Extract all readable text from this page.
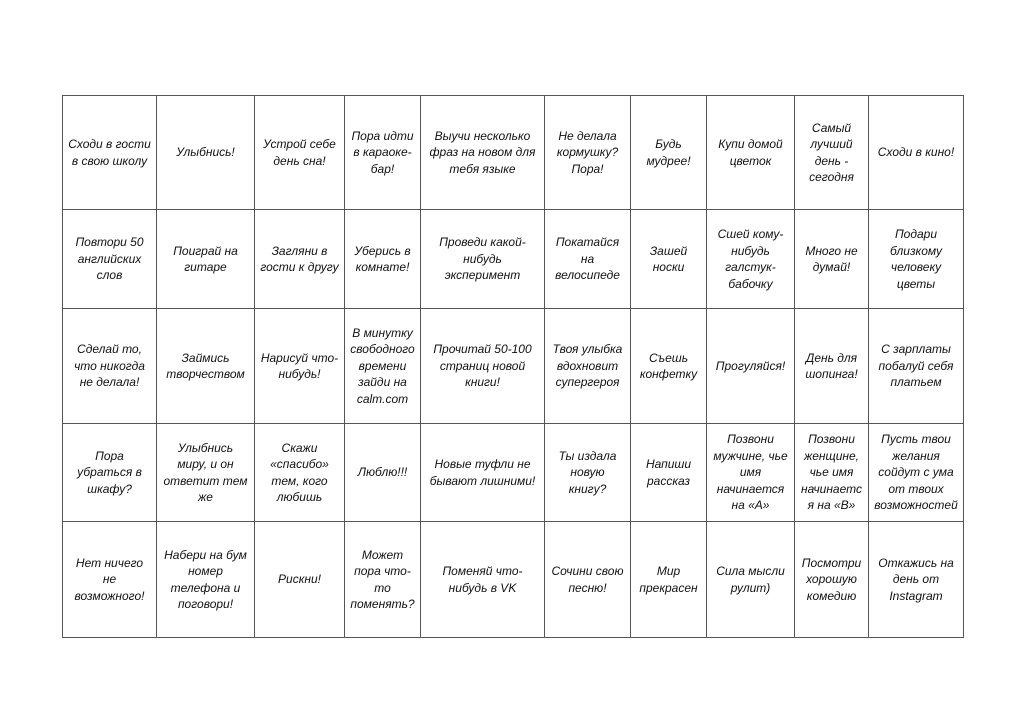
Сходи в гости в свою школу	Улыбнись!	Устрой себе день сна!	Пора идти в караоке-бар!	Выучи несколько фраз на новом для тебя языке	Не делала кормушку? Пора!	Будь мудрее!	Купи домой цветок	Самый лучший день - сегодня	Сходи в кино!

Повтори 50 английских слов	Поиграй на гитаре	Загляни в гости к другу	Уберись в комнате!	Проведи какой-нибудь эксперимент	Покатайся на велосипеде	Зашей носки	Сшей кому-нибудь галстук-бабочку	Много не думай!	Подари близкому человеку цветы

Сделай то, что никогда не делала!	Займись творчеством	Нарисуй что-нибудь!	В минутку свободного времени зайди на calm.com	Прочитай 50-100 страниц новой книги!	Твоя улыбка вдохновит супергероя	Съешь конфетку	Прогуляйся!	День для шопинга!	С зарплаты побалуй себя платьем

Пора убраться в шкафу?	Улыбнись миру, и он ответит тем же	Скажи «спасибо» тем, кого любишь	Люблю!!!	Новые туфли не бывают лишними!	Ты издала новую книгу?	Напиши рассказ	Позвони мужчине, чье имя начинается на «А»	Позвони женщине, чье имя начинается на «В»	Пусть твои желания сойдут с ума от твоих возможностей

Нет ничего не возможного!	Набери на бум номер телефона и поговори!	Рискни!	Может пора что-то поменять?	Поменяй что-нибудь в VK	Сочини свою песню!	Мир прекрасен	Сила мысли рулит)	Посмотри хорошую комедию	Откажись на день от Instagram
